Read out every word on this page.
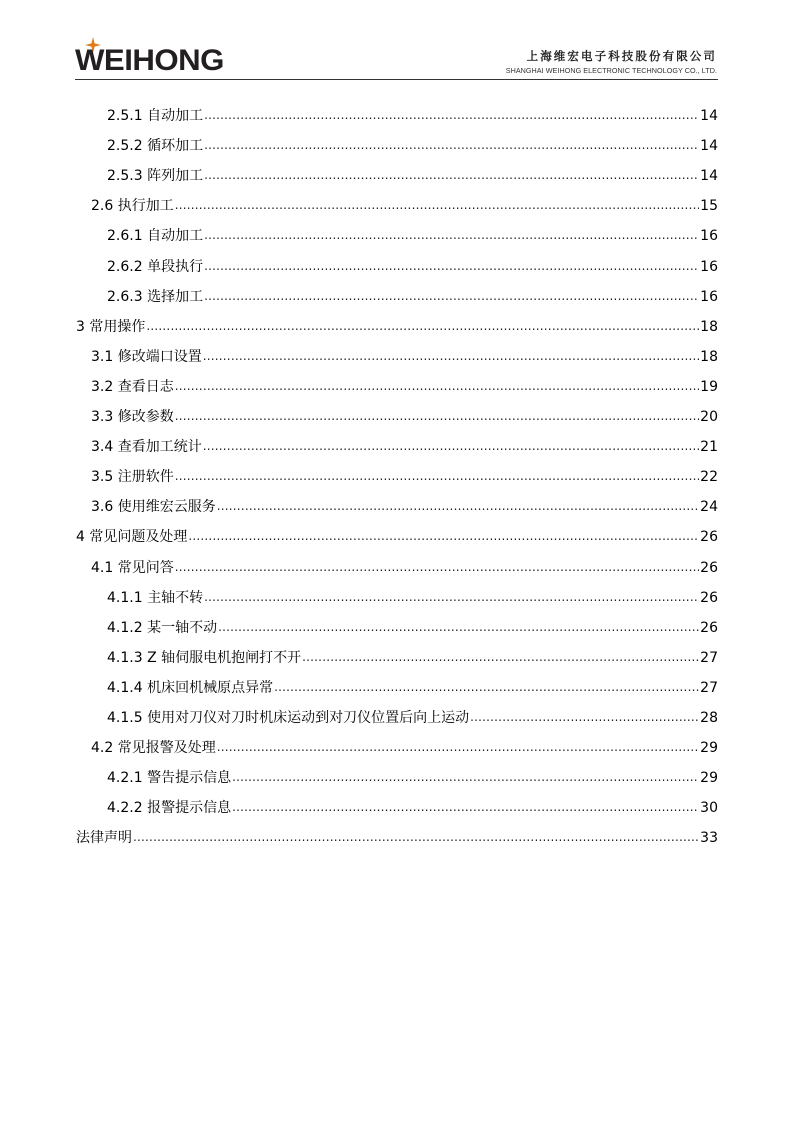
WEIHONG	上海维宏电子科技股份有限公司
SHANGHAI WEIHONG ELECTRONIC TECHNOLOGY CO., LTD.
2.5.1 自动加工 .....	14
2.5.2 循环加工 .....	14
2.5.3 阵列加工 .....	14
2.6 执行加工 .....	15
2.6.1 自动加工 .....	16
2.6.2 单段执行 .....	16
2.6.3 选择加工 .....	16
3 常用操作 .....	18
3.1 修改端口设置 .....	18
3.2 查看日志 .....	19
3.3 修改参数 .....	20
3.4 查看加工统计 .....	21
3.5 注册软件 .....	22
3.6 使用维宏云服务 .....	24
4 常见问题及处理 .....	26
4.1 常见问答 .....	26
4.1.1 主轴不转 .....	26
4.1.2 某一轴不动 .....	26
4.1.3 Z 轴伺服电机抱闸打不开 .....	27
4.1.4 机床回机械原点异常 .....	27
4.1.5 使用对刀仪对刀时机床运动到对刀仪位置后向上运动 .....	28
4.2 常见报警及处理 .....	29
4.2.1 警告提示信息 .....	29
4.2.2 报警提示信息 .....	30
法律声明 .....	33
